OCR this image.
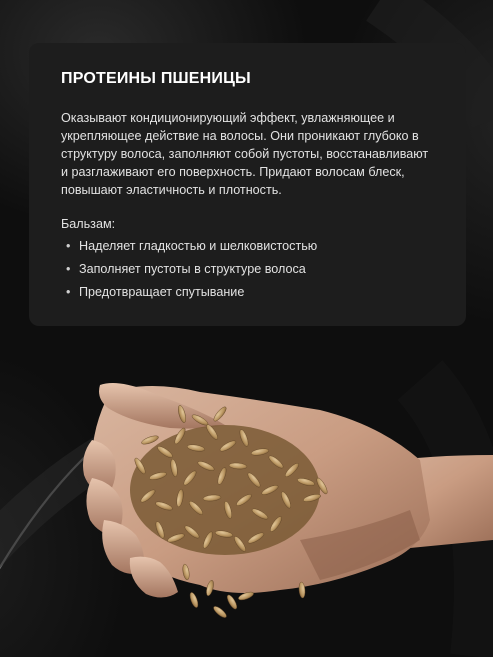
ПРОТЕИНЫ ПШЕНИЦЫ

Оказывают кондиционирующий эффект, увлажняющее и укрепляющее действие на волосы. Они проникают глубоко в структуру волоса, заполняют собой пустоты, восстанавливают и разглаживают его поверхность. Придают волосам блеск, повышают эластичность и плотность.

Бальзам:

• Наделяет гладкостью и шелковистостью
• Заполняет пустоты в структуре волоса
• Предотвращает спутывание
